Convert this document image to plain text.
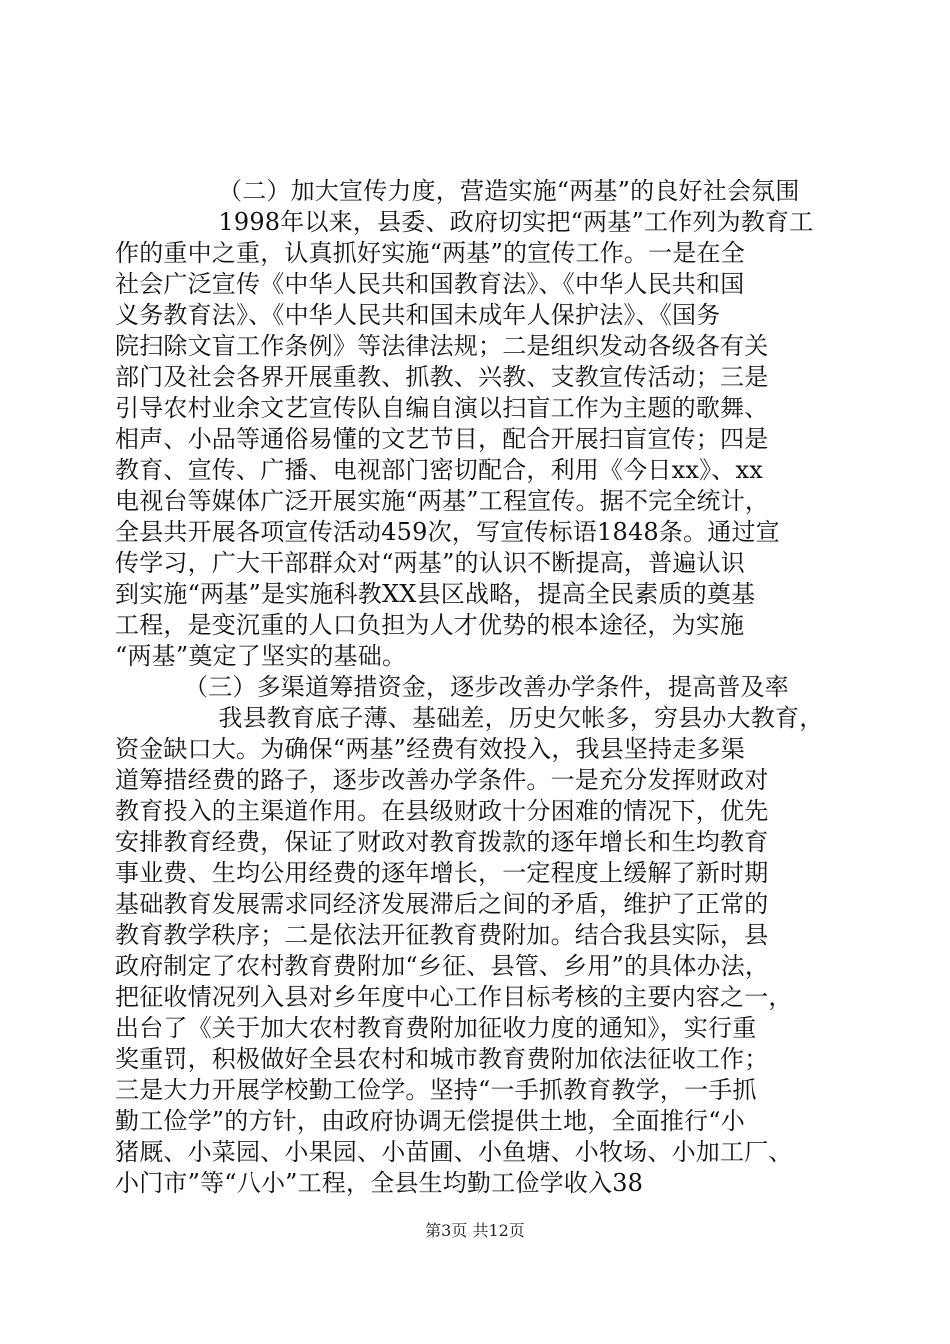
（二）加大宣传力度，营造实施“两基”的良好社会氛围
　　1998年以来，县委、政府切实把“两基”工作列为教育工
作的重中之重，认真抓好实施“两基”的宣传工作。一是在全
社会广泛宣传《中华人民共和国教育法》、《中华人民共和国
义务教育法》、《中华人民共和国未成年人保护法》、《国务
院扫除文盲工作条例》等法律法规；二是组织发动各级各有关
部门及社会各界开展重教、抓教、兴教、支教宣传活动；三是
引导农村业余文艺宣传队自编自演以扫盲工作为主题的歌舞、
相声、小品等通俗易懂的文艺节目，配合开展扫盲宣传；四是
教育、宣传、广播、电视部门密切配合，利用《今日xx》、xx
电视台等媒体广泛开展实施“两基”工程宣传。据不完全统计，
全县共开展各项宣传活动459次，写宣传标语1848条。通过宣
传学习，广大干部群众对“两基”的认识不断提高，普遍认识
到实施“两基”是实施科教XX县区战略，提高全民素质的奠基
工程，是变沉重的人口负担为人才优势的根本途径，为实施
“两基”奠定了坚实的基础。
（三）多渠道筹措资金，逐步改善办学条件，提高普及率
　　我县教育底子薄、基础差，历史欠帐多，穷县办大教育，
资金缺口大。为确保“两基”经费有效投入，我县坚持走多渠
道筹措经费的路子，逐步改善办学条件。一是充分发挥财政对
教育投入的主渠道作用。在县级财政十分困难的情况下，优先
安排教育经费，保证了财政对教育拨款的逐年增长和生均教育
事业费、生均公用经费的逐年增长，一定程度上缓解了新时期
基础教育发展需求同经济发展滞后之间的矛盾，维护了正常的
教育教学秩序；二是依法开征教育费附加。结合我县实际，县
政府制定了农村教育费附加“乡征、县管、乡用”的具体办法，
把征收情况列入县对乡年度中心工作目标考核的主要内容之一，
出台了《关于加大农村教育费附加征收力度的通知》，实行重
奖重罚，积极做好全县农村和城市教育费附加依法征收工作；
三是大力开展学校勤工俭学。坚持“一手抓教育教学，一手抓
勤工俭学”的方针，由政府协调无偿提供土地，全面推行“小
猪厩、小菜园、小果园、小苗圃、小鱼塘、小牧场、小加工厂、
小门市”等“八小”工程，全县生均勤工俭学收入38
第3页 共12页
